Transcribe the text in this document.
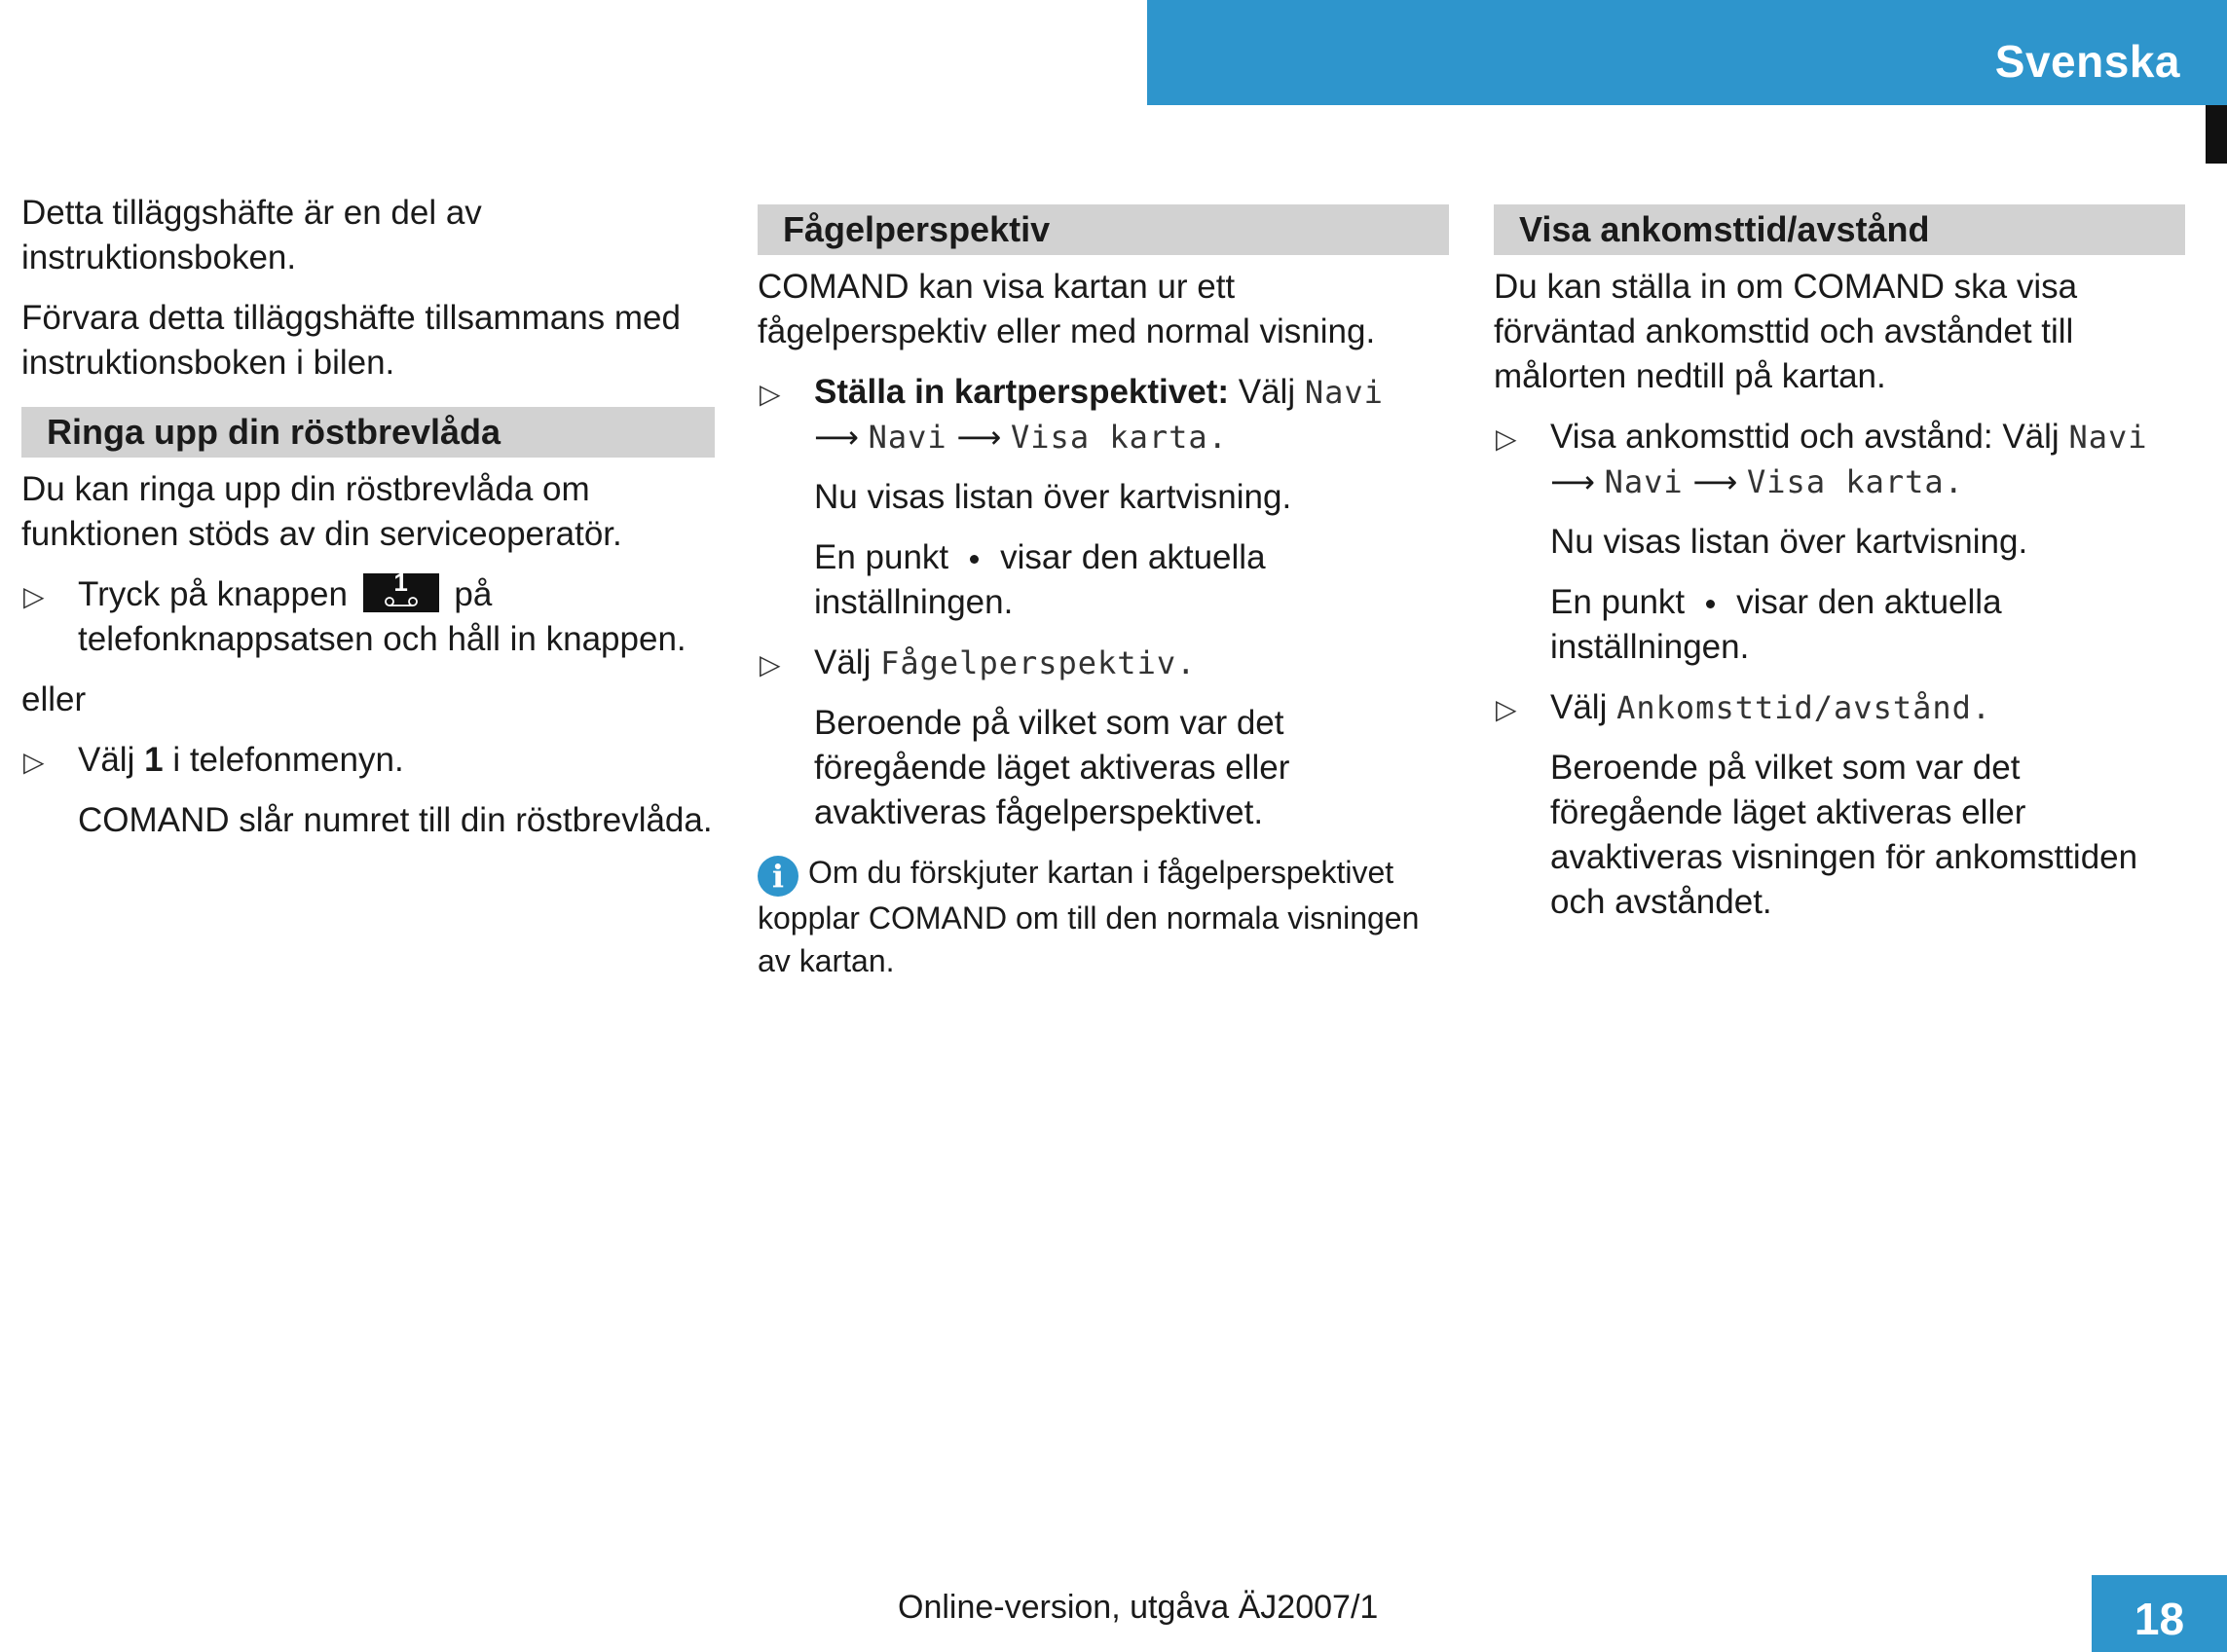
Svenska

Detta tilläggshäfte är en del av instruktionsboken.

Förvara detta tilläggshäfte tillsammans med instruktionsboken i bilen.

Ringa upp din röstbrevlåda

Du kan ringa upp din röstbrevlåda om funktionen stöds av din serviceoperatör.

▷ Tryck på knappen	1	på telefonknappsatsen och håll in knappen.

eller

▷ Välj 1 i telefonmenyn.

COMAND slår numret till din röstbrevlåda.

Fågelperspektiv

COMAND kan visa kartan ur ett fågelperspektiv eller med normal visning.

▷ Ställa in kartperspektivet: Välj Navi
⟶ Navi ⟶ Visa karta.

Nu visas listan över kartvisning.

En punkt visar den aktuella inställningen.

▷ Välj Fågelperspektiv.

Beroende på vilket som var det föregående läget aktiveras eller avaktiveras fågelperspektivet.

i Om du förskjuter kartan i fågelperspektivet kopplar COMAND om till den normala visningen av kartan.
Visa ankomsttid/avstånd

Du kan ställa in om COMAND ska visa förväntad ankomsttid och avståndet till målorten nedtill på kartan.

▷ Visa ankomsttid och avstånd: Välj Navi
⟶ Navi ⟶ Visa karta.

Nu visas listan över kartvisning.

En punkt visar den aktuella inställningen.

▷ Välj Ankomsttid/avstånd.

Beroende på vilket som var det föregående läget aktiveras eller avaktiveras visningen för ankomsttiden och avståndet.

Online-version, utgåva ÄJ2007/1	18
